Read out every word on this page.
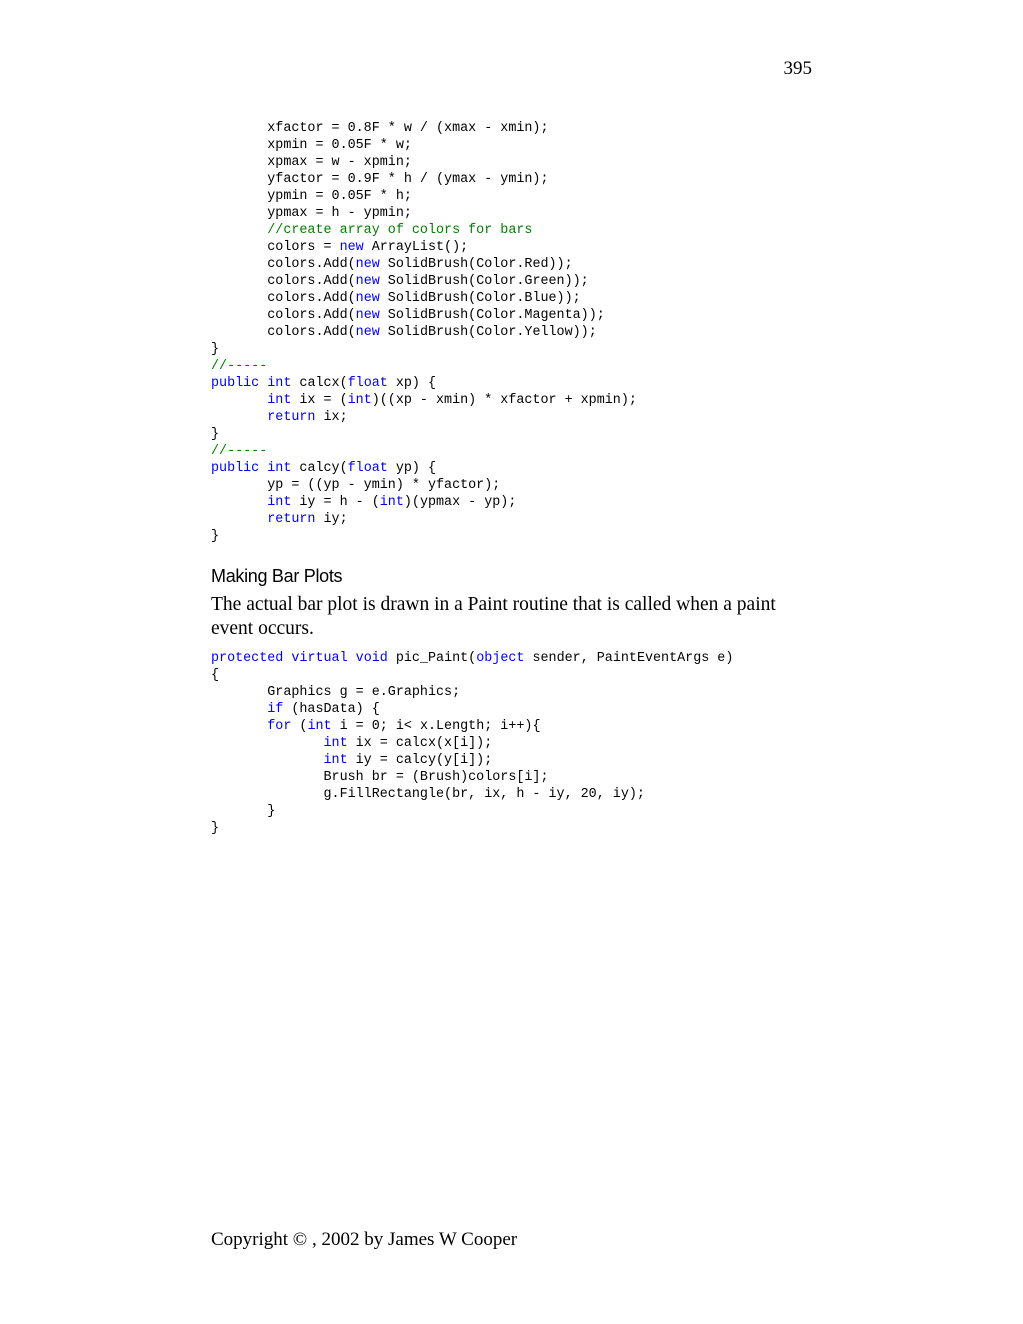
395
xfactor = 0.8F * w / (xmax - xmin);
xpmin = 0.05F * w;
xpmax = w - xpmin;
yfactor = 0.9F * h / (ymax - ymin);
ypmin = 0.05F * h;
ypmax = h - ypmin;
//create array of colors for bars
colors = new ArrayList();
colors.Add(new SolidBrush(Color.Red));
colors.Add(new SolidBrush(Color.Green));
colors.Add(new SolidBrush(Color.Blue));
colors.Add(new SolidBrush(Color.Magenta));
colors.Add(new SolidBrush(Color.Yellow));
}
//-----
public int calcx(float xp) {
int ix = (int)((xp - xmin) * xfactor + xpmin);
return ix;
}
//-----
public int calcy(float yp) {
yp = ((yp - ymin) * yfactor);
int iy = h - (int)(ypmax - yp);
return iy;
}
Making Bar Plots

The actual bar plot is drawn in a Paint routine that is called when a paint event occurs.

protected virtual void pic_Paint(object sender, PaintEventArgs e)
{
Graphics g = e.Graphics;
if (hasData) {
for (int i = 0; i< x.Length; i++){
int ix = calcx(x[i]);
int iy = calcy(y[i]);
Brush br = (Brush)colors[i];
g.FillRectangle(br, ix, h - iy, 20, iy);
}
}

Copyright © , 2002 by James W Cooper
